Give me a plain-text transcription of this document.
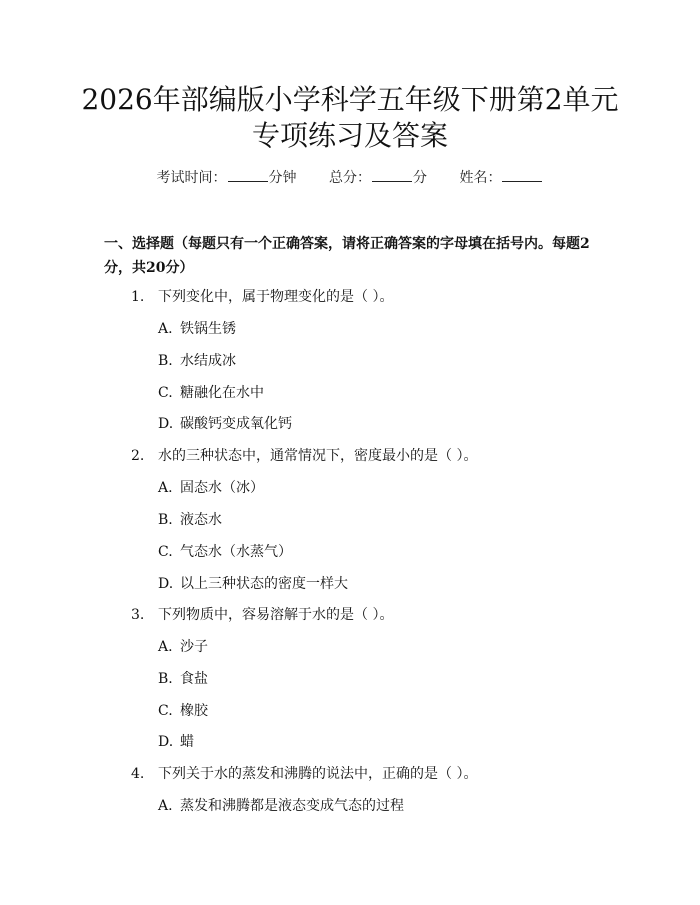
2026年部编版小学科学五年级下册第2单元
专项练习及答案
考试时间：	分钟 总分：	分 姓名：
一、选择题（每题只有一个正确答案，请将正确答案的字母填在括号内。每题2分，共20分）
1. 下列变化中，属于物理变化的是（ ）。
A. 铁锅生锈
B. 水结成冰
C. 糖融化在水中
D. 碳酸钙变成氧化钙
2. 水的三种状态中，通常情况下，密度最小的是（ ）。
A. 固态水（冰）
B. 液态水
C. 气态水（水蒸气）
D. 以上三种状态的密度一样大
3. 下列物质中，容易溶解于水的是（ ）。
A. 沙子
B. 食盐
C. 橡胶
D. 蜡
4. 下列关于水的蒸发和沸腾的说法中，正确的是（ ）。
A. 蒸发和沸腾都是液态变成气态的过程
